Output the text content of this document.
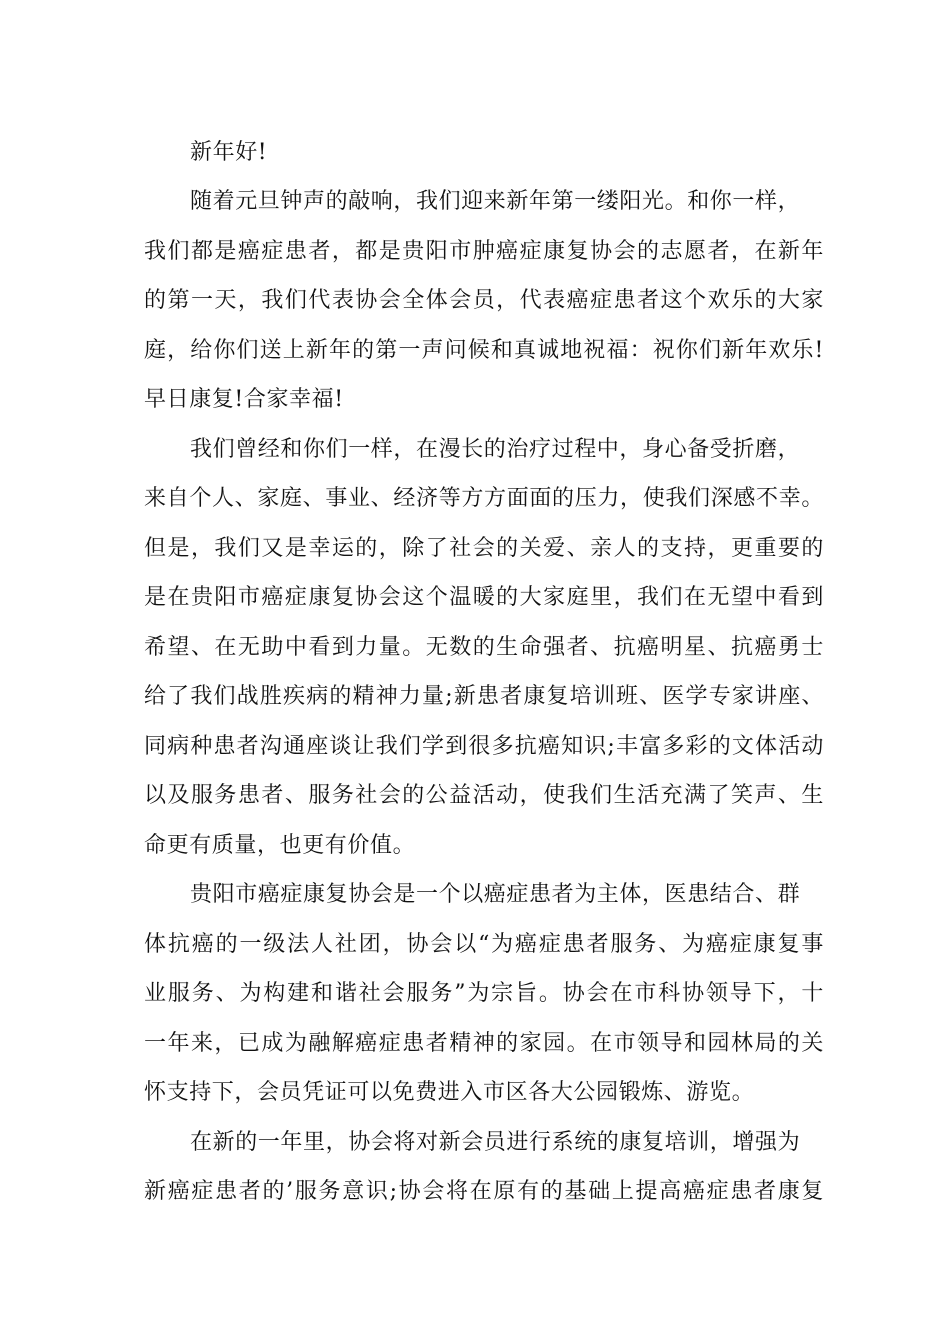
新年好!

随着元旦钟声的敲响，我们迎来新年第一缕阳光。和你一样，

我们都是癌症患者，都是贵阳市肿癌症康复协会的志愿者，在新年

的第一天，我们代表协会全体会员，代表癌症患者这个欢乐的大家

庭，给你们送上新年的第一声问候和真诚地祝福：祝你们新年欢乐!

早日康复!合家幸福!

我们曾经和你们一样，在漫长的治疗过程中，身心备受折磨，

来自个人、家庭、事业、经济等方方面面的压力，使我们深感不幸。

但是，我们又是幸运的，除了社会的关爱、亲人的支持，更重要的

是在贵阳市癌症康复协会这个温暖的大家庭里，我们在无望中看到

希望、在无助中看到力量。无数的生命强者、抗癌明星、抗癌勇士

给了我们战胜疾病的精神力量;新患者康复培训班、医学专家讲座、

同病种患者沟通座谈让我们学到很多抗癌知识;丰富多彩的文体活动

以及服务患者、服务社会的公益活动，使我们生活充满了笑声、生

命更有质量，也更有价值。

贵阳市癌症康复协会是一个以癌症患者为主体，医患结合、群

体抗癌的一级法人社团，协会以“为癌症患者服务、为癌症康复事

业服务、为构建和谐社会服务”为宗旨。协会在市科协领导下，十

一年来，已成为融解癌症患者精神的家园。在市领导和园林局的关

怀支持下，会员凭证可以免费进入市区各大公园锻炼、游览。

在新的一年里，协会将对新会员进行系统的康复培训，增强为

新癌症患者的’服务意识;协会将在原有的基础上提高癌症患者康复
